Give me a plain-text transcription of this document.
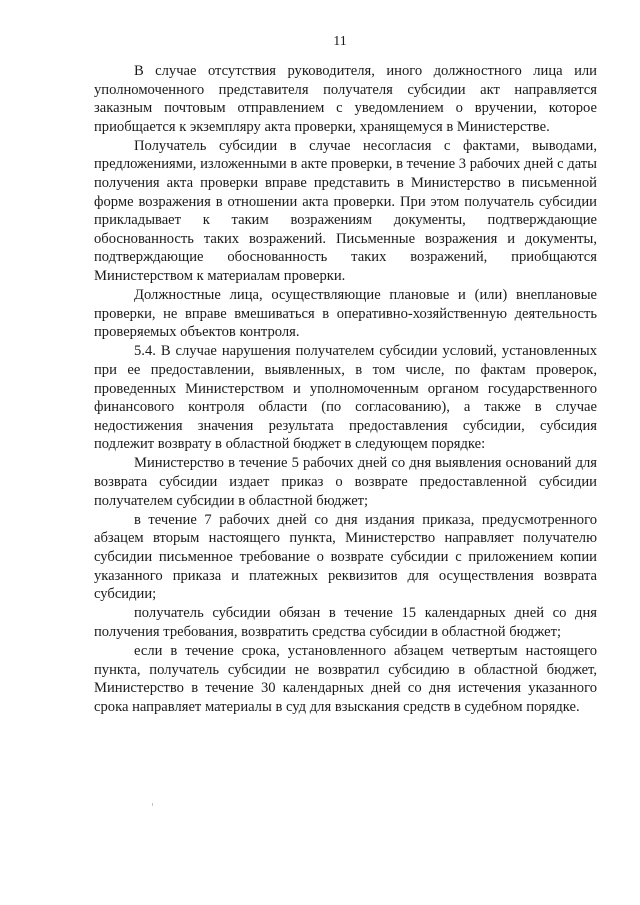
11

В случае отсутствия руководителя, иного должностного лица или уполномоченного представителя получателя субсидии акт направляется заказным почтовым отправлением с уведомлением о вручении, которое приобщается к экземпляру акта проверки, хранящемуся в Министерстве.

Получатель субсидии в случае несогласия с фактами, выводами, предложениями, изложенными в акте проверки, в течение 3 рабочих дней с даты получения акта проверки вправе представить в Министерство в письменной форме возражения в отношении акта проверки. При этом получатель субсидии прикладывает к таким возражениям документы, подтверждающие обоснованность таких возражений. Письменные возражения и документы, подтверждающие обоснованность таких возражений, приобщаются Министерством к материалам проверки.

Должностные лица, осуществляющие плановые и (или) внеплановые проверки, не вправе вмешиваться в оперативно-хозяйственную деятельность проверяемых объектов контроля.

5.4. В случае нарушения получателем субсидии условий, установленных при ее предоставлении, выявленных, в том числе, по фактам проверок, проведенных Министерством и уполномоченным органом государственного финансового контроля области (по согласованию), а также в случае недостижения значения результата предоставления субсидии, субсидия подлежит возврату в областной бюджет в следующем порядке:

Министерство в течение 5 рабочих дней со дня выявления оснований для возврата субсидии издает приказ о возврате предоставленной субсидии получателем субсидии в областной бюджет;

в течение 7 рабочих дней со дня издания приказа, предусмотренного абзацем вторым настоящего пункта, Министерство направляет получателю субсидии письменное требование о возврате субсидии с приложением копии указанного приказа и платежных реквизитов для осуществления возврата субсидии;

получатель субсидии обязан в течение 15 календарных дней со дня получения требования, возвратить средства субсидии в областной бюджет;

если в течение срока, установленного абзацем четвертым настоящего пункта, получатель субсидии не возвратил субсидию в областной бюджет, Министерство в течение 30 календарных дней со дня истечения указанного срока направляет материалы в суд для взыскания средств в судебном порядке.
